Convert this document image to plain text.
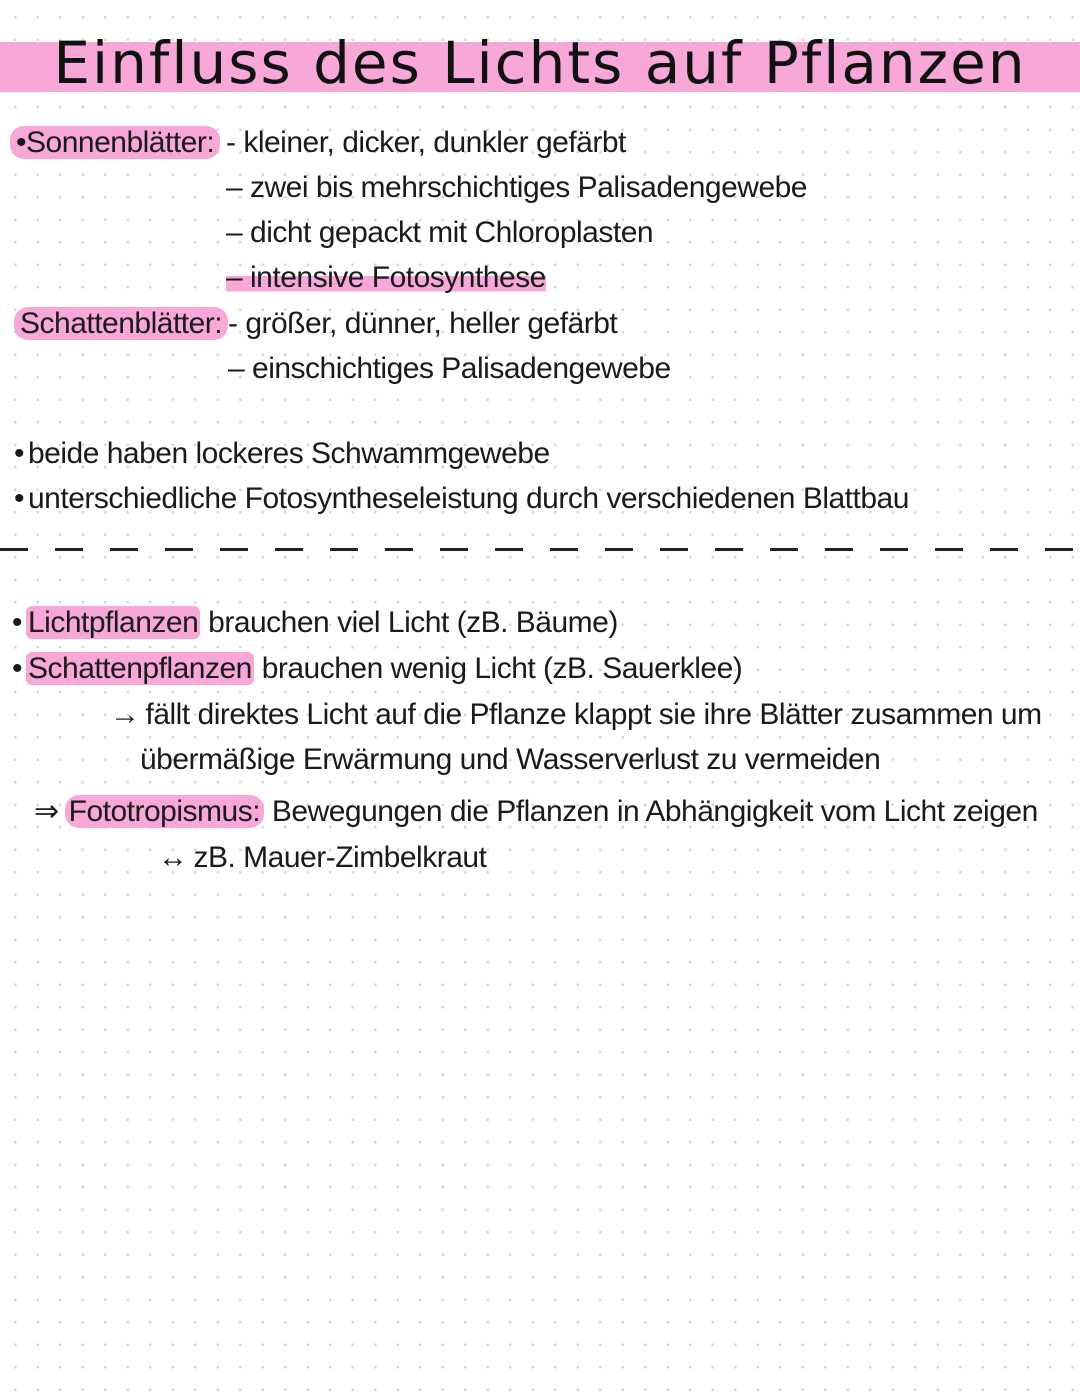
Einfluss des Lichts auf Pflanzen
•Sonnenblätter: - kleiner, dicker, dunkler gefärbt
– zwei bis mehrschichtiges Palisadengewebe
– dicht gepackt mit Chloroplasten
– intensive Fotosynthese
Schattenblätter: - größer, dünner, heller gefärbt
– einschichtiges Palisadengewebe
• beide haben lockeres Schwammgewebe
• unterschiedliche Fotosyntheseleistung durch verschiedenen Blattbau
• Lichtpflanzen brauchen viel Licht (zB. Bäume)
• Schattenpflanzen brauchen wenig Licht (zB. Sauerklee)
→ fällt direktes Licht auf die Pflanze klappt sie ihre Blätter zusammen um
übermäßige Erwärmung und Wasserverlust zu vermeiden
⇒ Fototropismus: Bewegungen die Pflanzen in Abhängigkeit vom Licht zeigen
↔ zB. Mauer-Zimbelkraut
